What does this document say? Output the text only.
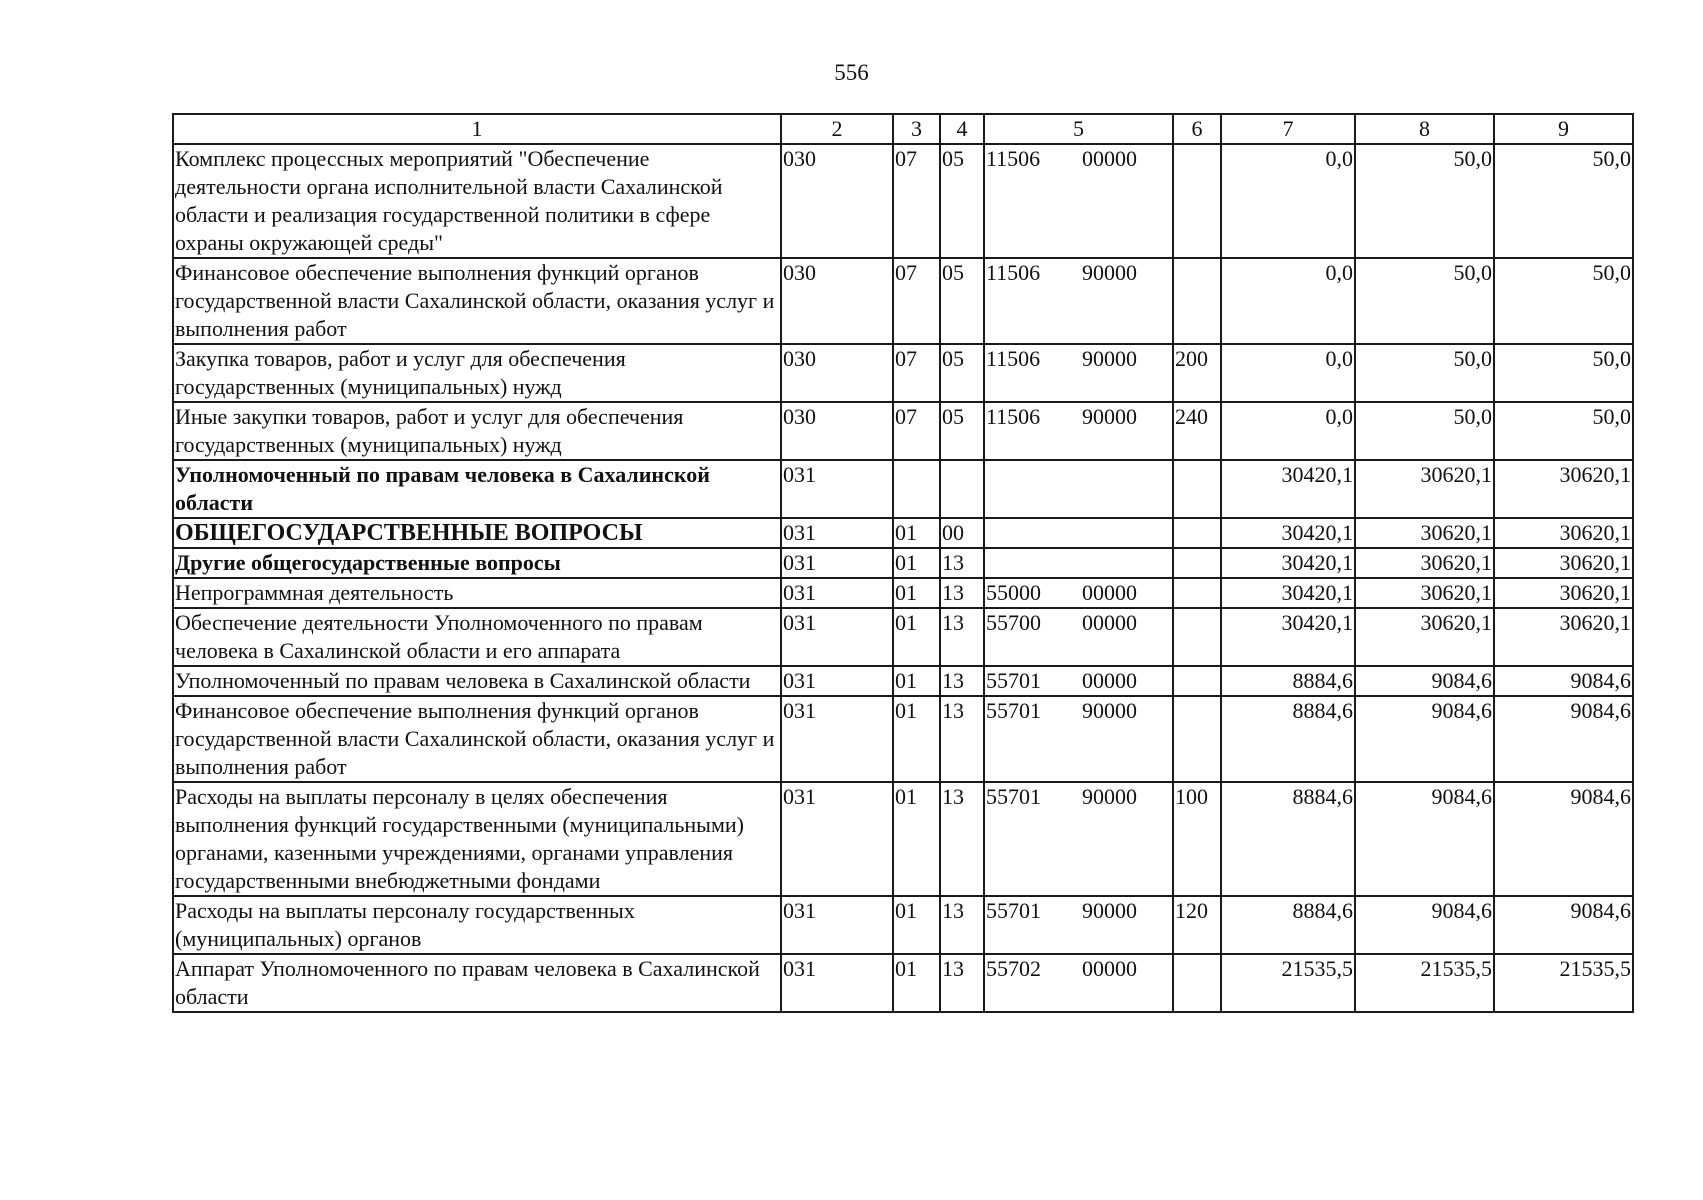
556
1	2	3	4	5	6	7	8	9
Комплекс процессных мероприятий "Обеспечение деятельности органа исполнительной власти Сахалинской области и реализация государственной политики в сфере охраны окружающей среды"	030	07	05	11506 00000		0,0	50,0	50,0
Финансовое обеспечение выполнения функций органов государственной власти Сахалинской области, оказания услуг и выполнения работ	030	07	05	11506 90000		0,0	50,0	50,0
Закупка товаров, работ и услуг для обеспечения государственных (муниципальных) нужд	030	07	05	11506 90000	200	0,0	50,0	50,0
Иные закупки товаров, работ и услуг для обеспечения государственных (муниципальных) нужд	030	07	05	11506 90000	240	0,0	50,0	50,0
Уполномоченный по правам человека в Сахалинской области	031					30420,1	30620,1	30620,1
ОБЩЕГОСУДАРСТВЕННЫЕ ВОПРОСЫ	031	01	00			30420,1	30620,1	30620,1
Другие общегосударственные вопросы	031	01	13			30420,1	30620,1	30620,1
Непрограммная деятельность	031	01	13	55000 00000		30420,1	30620,1	30620,1
Обеспечение деятельности Уполномоченного по правам человека в Сахалинской области и его аппарата	031	01	13	55700 00000		30420,1	30620,1	30620,1
Уполномоченный по правам человека в Сахалинской области	031	01	13	55701 00000		8884,6	9084,6	9084,6
Финансовое обеспечение выполнения функций органов государственной власти Сахалинской области, оказания услуг и выполнения работ	031	01	13	55701 90000		8884,6	9084,6	9084,6
Расходы на выплаты персоналу в целях обеспечения выполнения функций государственными (муниципальными) органами, казенными учреждениями, органами управления государственными внебюджетными фондами	031	01	13	55701 90000	100	8884,6	9084,6	9084,6
Расходы на выплаты персоналу государственных (муниципальных) органов	031	01	13	55701 90000	120	8884,6	9084,6	9084,6
Аппарат Уполномоченного по правам человека в Сахалинской области	031	01	13	55702 00000		21535,5	21535,5	21535,5
